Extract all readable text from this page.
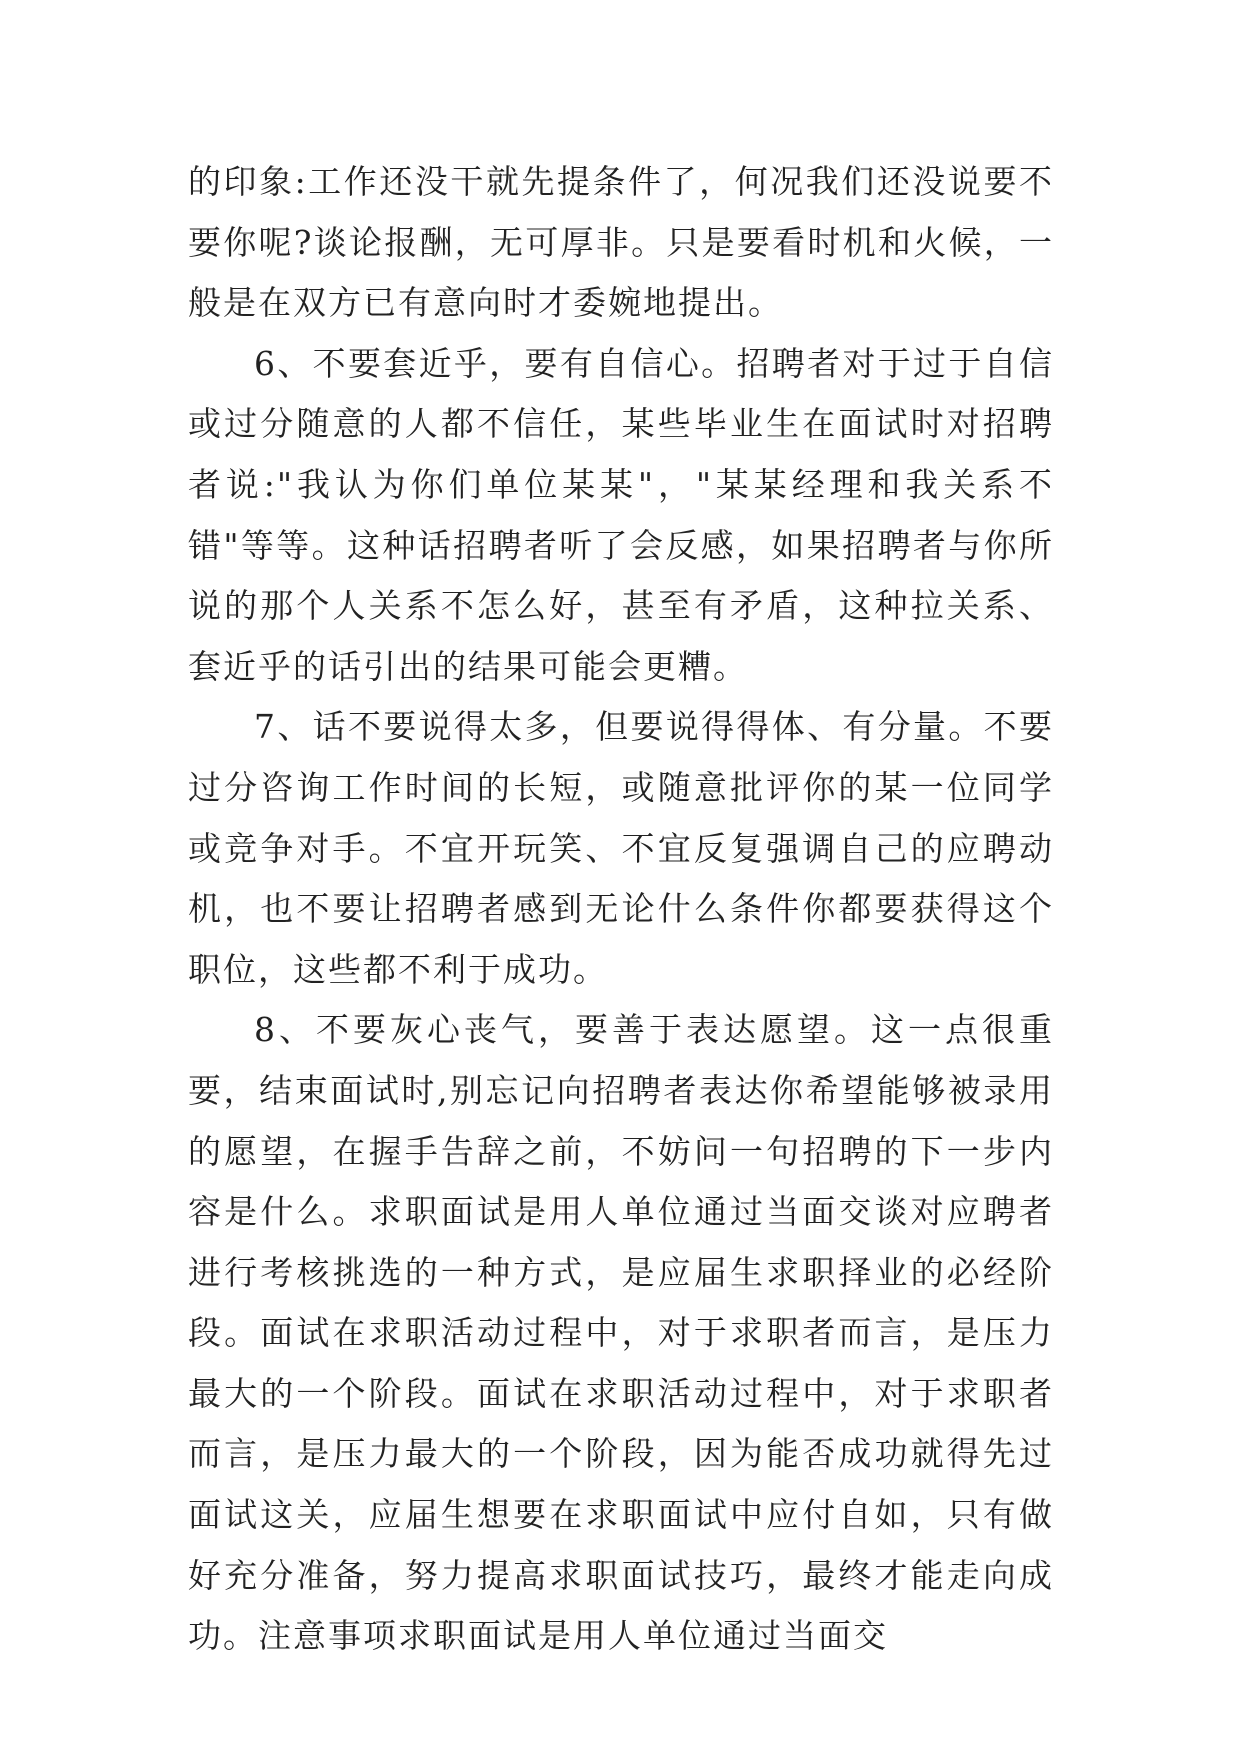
的印象:工作还没干就先提条件了，何况我们还没说要不要你呢?谈论报酬，无可厚非。只是要看时机和火候，一般是在双方已有意向时才委婉地提出。

6、不要套近乎，要有自信心。招聘者对于过于自信或过分随意的人都不信任，某些毕业生在面试时对招聘者说:"我认为你们单位某某"，"某某经理和我关系不错"等等。这种话招聘者听了会反感，如果招聘者与你所说的那个人关系不怎么好，甚至有矛盾，这种拉关系、套近乎的话引出的结果可能会更糟。

7、话不要说得太多，但要说得得体、有分量。不要过分咨询工作时间的长短，或随意批评你的某一位同学或竞争对手。不宜开玩笑、不宜反复强调自己的应聘动机，也不要让招聘者感到无论什么条件你都要获得这个职位，这些都不利于成功。

8、不要灰心丧气，要善于表达愿望。这一点很重要，结束面试时,别忘记向招聘者表达你希望能够被录用的愿望，在握手告辞之前，不妨问一句招聘的下一步内容是什么。求职面试是用人单位通过当面交谈对应聘者进行考核挑选的一种方式，是应届生求职择业的必经阶段。面试在求职活动过程中，对于求职者而言，是压力最大的一个阶段。面试在求职活动过程中，对于求职者而言，是压力最大的一个阶段，因为能否成功就得先过面试这关，应届生想要在求职面试中应付自如，只有做好充分准备，努力提高求职面试技巧，最终才能走向成功。注意事项求职面试是用人单位通过当面交
